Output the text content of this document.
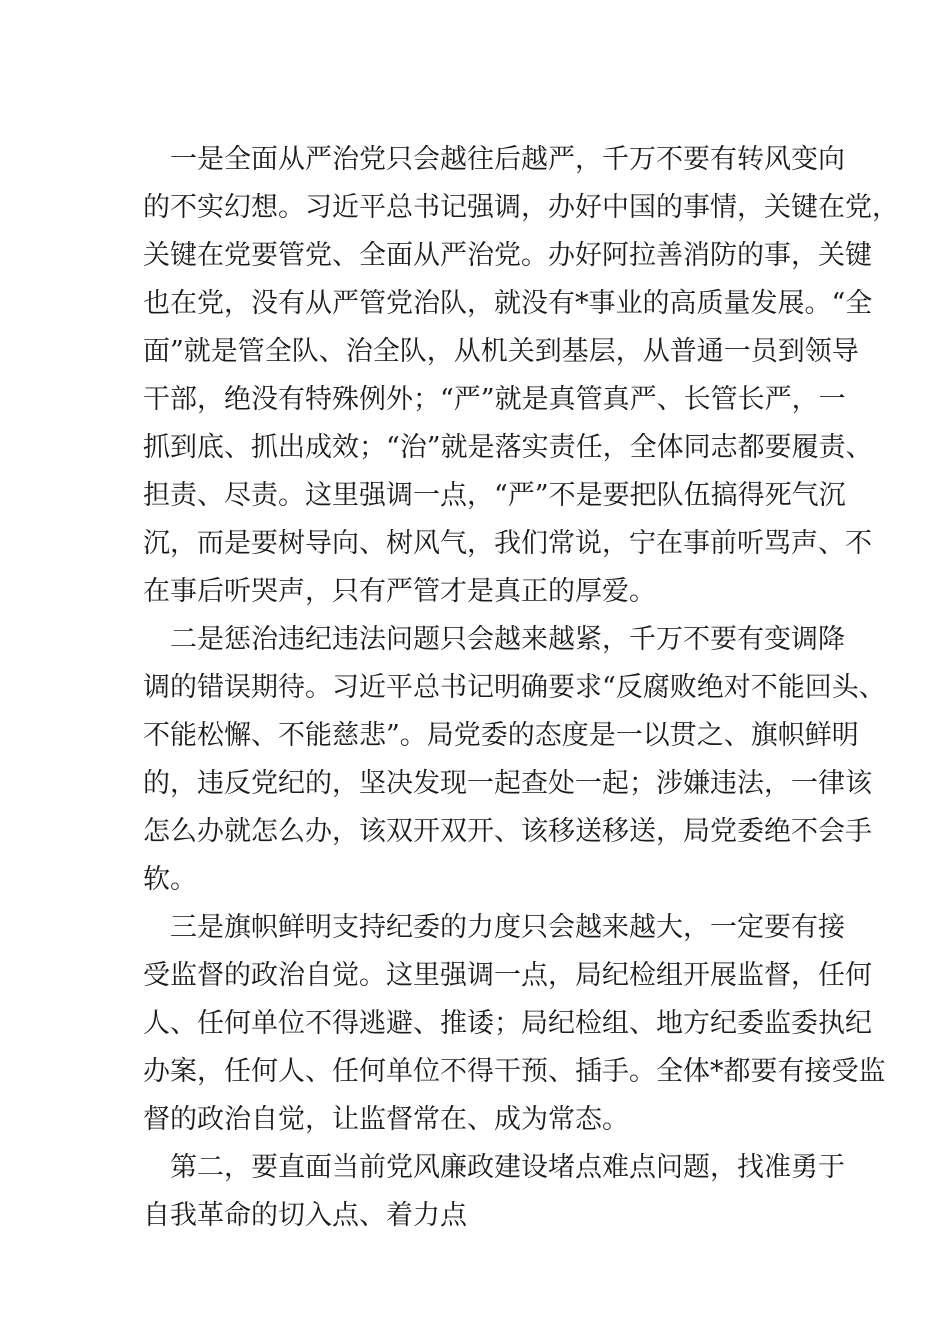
一是全面从严治党只会越往后越严，千万不要有转风变向
的不实幻想。习近平总书记强调，办好中国的事情，关键在党，
关键在党要管党、全面从严治党。办好阿拉善消防的事，关键
也在党，没有从严管党治队，就没有*事业的高质量发展。“全
面”就是管全队、治全队，从机关到基层，从普通一员到领导
干部，绝没有特殊例外；“严”就是真管真严、长管长严，一
抓到底、抓出成效；“治”就是落实责任，全体同志都要履责、
担责、尽责。这里强调一点，“严”不是要把队伍搞得死气沉
沉，而是要树导向、树风气，我们常说，宁在事前听骂声、不
在事后听哭声，只有严管才是真正的厚爱。
二是惩治违纪违法问题只会越来越紧，千万不要有变调降
调的错误期待。习近平总书记明确要求“反腐败绝对不能回头、
不能松懈、不能慈悲”。局党委的态度是一以贯之、旗帜鲜明
的，违反党纪的，坚决发现一起查处一起；涉嫌违法，一律该
怎么办就怎么办，该双开双开、该移送移送，局党委绝不会手
软。
三是旗帜鲜明支持纪委的力度只会越来越大，一定要有接
受监督的政治自觉。这里强调一点，局纪检组开展监督，任何
人、任何单位不得逃避、推诿；局纪检组、地方纪委监委执纪
办案，任何人、任何单位不得干预、插手。全体*都要有接受监
督的政治自觉，让监督常在、成为常态。
第二，要直面当前党风廉政建设堵点难点问题，找准勇于
自我革命的切入点、着力点
